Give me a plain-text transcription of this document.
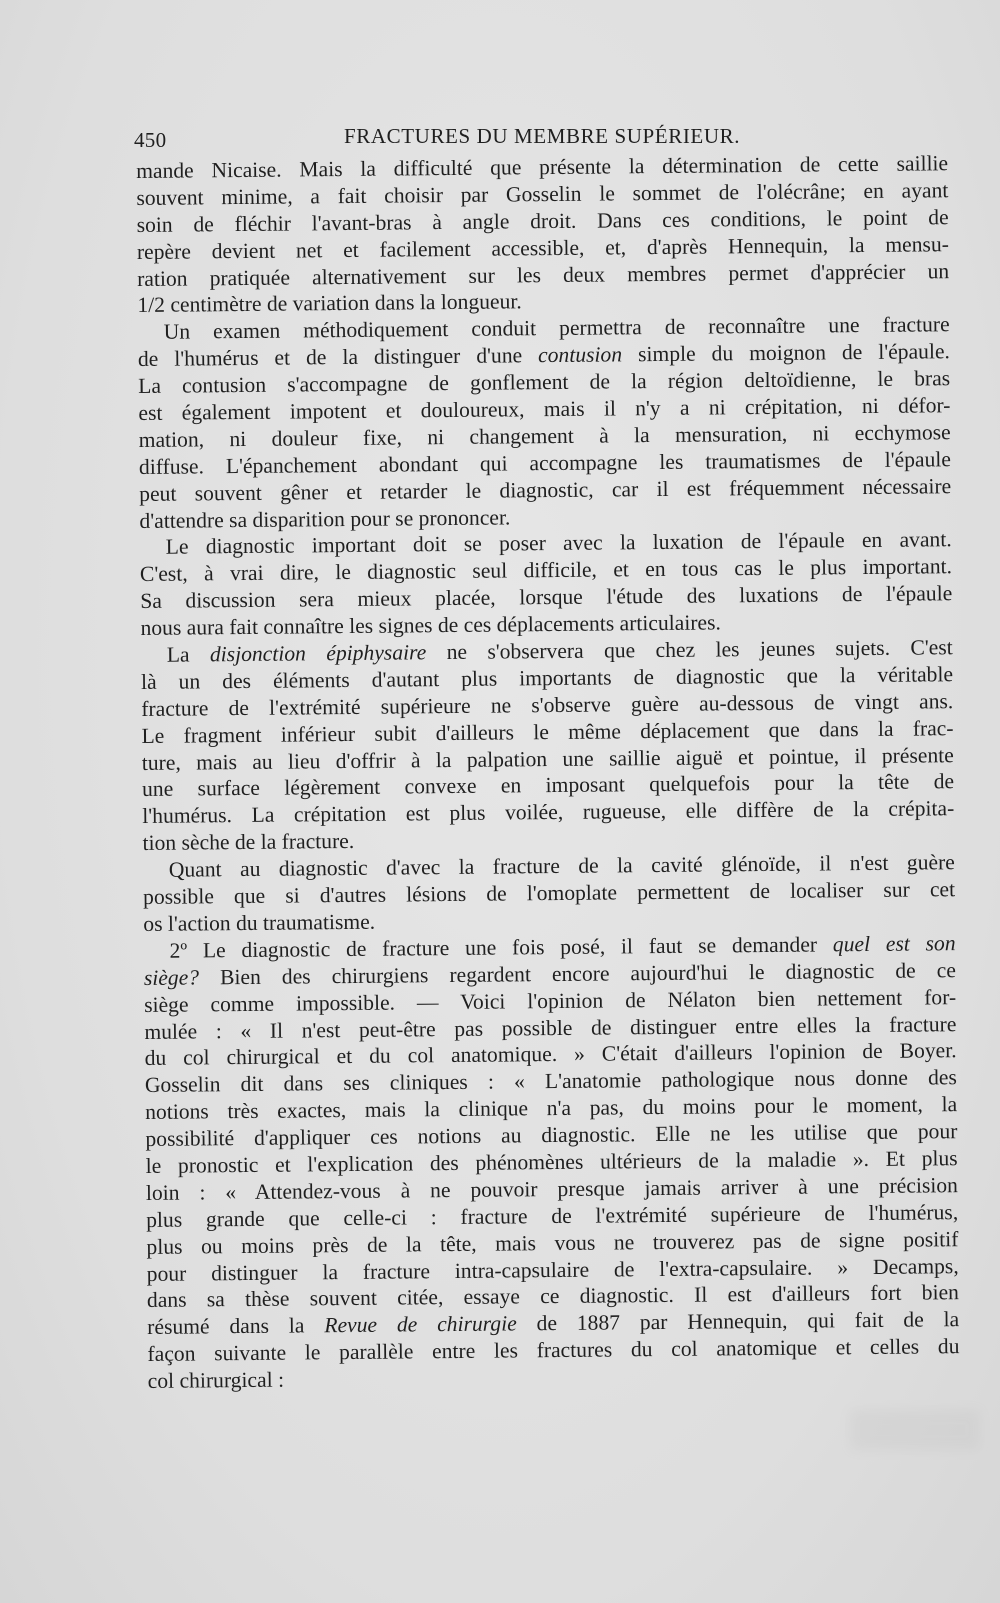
450	FRACTURES DU MEMBRE SUPÉRIEUR.
mande Nicaise. Mais la difficulté que présente la détermination de cette saillie
souvent minime, a fait choisir par Gosselin le sommet de l'olécrâne; en ayant
soin de fléchir l'avant-bras à angle droit. Dans ces conditions, le point de
repère devient net et facilement accessible, et, d'après Hennequin, la mensu-
ration pratiquée alternativement sur les deux membres permet d'apprécier un
1/2 centimètre de variation dans la longueur.
Un examen méthodiquement conduit permettra de reconnaître une fracture
de l'humérus et de la distinguer d'une contusion simple du moignon de l'épaule.
La contusion s'accompagne de gonflement de la région deltoïdienne, le bras
est également impotent et douloureux, mais il n'y a ni crépitation, ni défor-
mation, ni douleur fixe, ni changement à la mensuration, ni ecchymose
diffuse. L'épanchement abondant qui accompagne les traumatismes de l'épaule
peut souvent gêner et retarder le diagnostic, car il est fréquemment nécessaire
d'attendre sa disparition pour se prononcer.
Le diagnostic important doit se poser avec la luxation de l'épaule en avant.
C'est, à vrai dire, le diagnostic seul difficile, et en tous cas le plus important.
Sa discussion sera mieux placée, lorsque l'étude des luxations de l'épaule
nous aura fait connaître les signes de ces déplacements articulaires.
La disjonction épiphysaire ne s'observera que chez les jeunes sujets. C'est
là un des éléments d'autant plus importants de diagnostic que la véritable
fracture de l'extrémité supérieure ne s'observe guère au-dessous de vingt ans.
Le fragment inférieur subit d'ailleurs le même déplacement que dans la frac-
ture, mais au lieu d'offrir à la palpation une saillie aiguë et pointue, il présente
une surface légèrement convexe en imposant quelquefois pour la tête de
l'humérus. La crépitation est plus voilée, rugueuse, elle diffère de la crépita-
tion sèche de la fracture.
Quant au diagnostic d'avec la fracture de la cavité glénoïde, il n'est guère
possible que si d'autres lésions de l'omoplate permettent de localiser sur cet
os l'action du traumatisme.
2º Le diagnostic de fracture une fois posé, il faut se demander quel est son
siège? Bien des chirurgiens regardent encore aujourd'hui le diagnostic de ce
siège comme impossible. — Voici l'opinion de Nélaton bien nettement for-
mulée : « Il n'est peut-être pas possible de distinguer entre elles la fracture
du col chirurgical et du col anatomique. » C'était d'ailleurs l'opinion de Boyer.
Gosselin dit dans ses cliniques : « L'anatomie pathologique nous donne des
notions très exactes, mais la clinique n'a pas, du moins pour le moment, la
possibilité d'appliquer ces notions au diagnostic. Elle ne les utilise que pour
le pronostic et l'explication des phénomènes ultérieurs de la maladie ». Et plus
loin : « Attendez-vous à ne pouvoir presque jamais arriver à une précision
plus grande que celle-ci : fracture de l'extrémité supérieure de l'humérus,
plus ou moins près de la tête, mais vous ne trouverez pas de signe positif
pour distinguer la fracture intra-capsulaire de l'extra-capsulaire. » Decamps,
dans sa thèse souvent citée, essaye ce diagnostic. Il est d'ailleurs fort bien
résumé dans la Revue de chirurgie de 1887 par Hennequin, qui fait de la
façon suivante le parallèle entre les fractures du col anatomique et celles du
col chirurgical :
